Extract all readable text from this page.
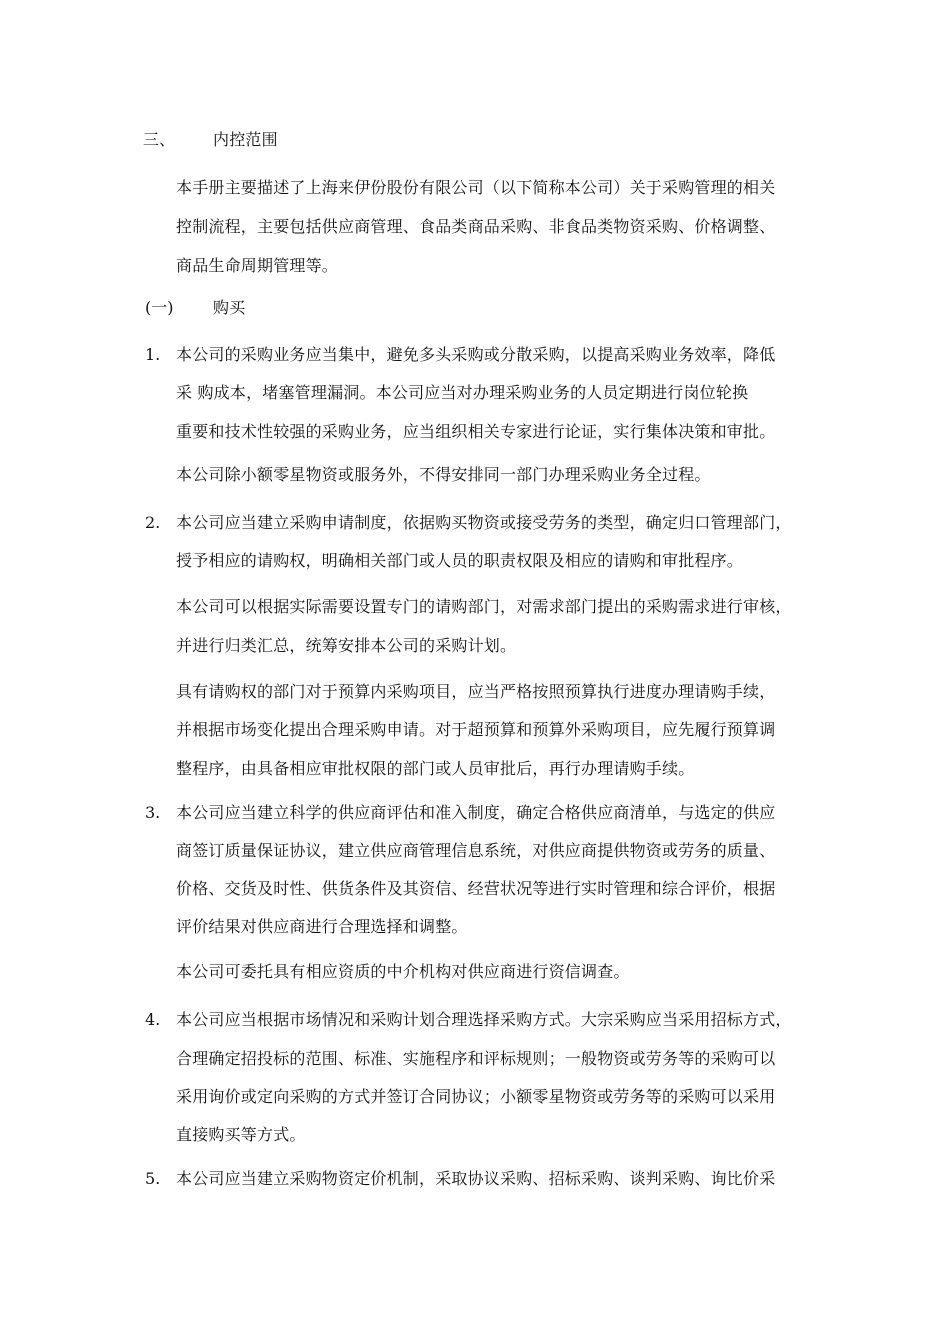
三、 内控范围
本手册主要描述了上海来伊份股份有限公司（以下简称本公司）关于采购管理的相关
控制流程，主要包括供应商管理、食品类商品采购、非食品类物资采购、价格调整、
商品生命周期管理等。
(一) 购买
1. 本公司的采购业务应当集中，避免多头采购或分散采购，以提高采购业务效率，降低
采 购成本，堵塞管理漏洞。本公司应当对办理采购业务的人员定期进行岗位轮换
重要和技术性较强的采购业务，应当组织相关专家进行论证，实行集体决策和审批。
本公司除小额零星物资或服务外，不得安排同一部门办理采购业务全过程。
2. 本公司应当建立采购申请制度，依据购买物资或接受劳务的类型，确定归口管理部门，
授予相应的请购权，明确相关部门或人员的职责权限及相应的请购和审批程序。
本公司可以根据实际需要设置专门的请购部门，对需求部门提出的采购需求进行审核，
并进行归类汇总，统筹安排本公司的采购计划。
具有请购权的部门对于预算内采购项目，应当严格按照预算执行进度办理请购手续，
并根据市场变化提出合理采购申请。对于超预算和预算外采购项目，应先履行预算调
整程序，由具备相应审批权限的部门或人员审批后，再行办理请购手续。
3. 本公司应当建立科学的供应商评估和准入制度，确定合格供应商清单，与选定的供应
商签订质量保证协议，建立供应商管理信息系统，对供应商提供物资或劳务的质量、
价格、交货及时性、供货条件及其资信、经营状况等进行实时管理和综合评价，根据
评价结果对供应商进行合理选择和调整。
本公司可委托具有相应资质的中介机构对供应商进行资信调查。
4. 本公司应当根据市场情况和采购计划合理选择采购方式。大宗采购应当采用招标方式，
合理确定招投标的范围、标准、实施程序和评标规则；一般物资或劳务等的采购可以
采用询价或定向采购的方式并签订合同协议；小额零星物资或劳务等的采购可以采用
直接购买等方式。
5. 本公司应当建立采购物资定价机制，采取协议采购、招标采购、谈判采购、询比价采
